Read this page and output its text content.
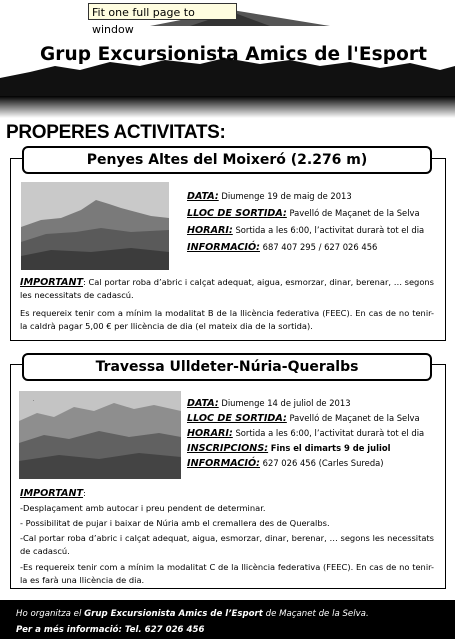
Fit one full page to window
Grup Excursionista Amics de l'Esport
PROPERES ACTIVITATS:
Penyes Altes del Moixeró (2.276 m)
DATA: Diumenge 19 de maig de 2013
LLOC DE SORTIDA: Pavelló de Maçanet de la Selva
HORARI: Sortida a les 6:00, l’activitat durarà tot el dia
INFORMACIÓ: 687 407 295 / 627 026 456
IMPORTANT: Cal portar roba d’abric i calçat adequat, aigua, esmorzar, dinar, berenar, … segons les necessitats de cadascú.
Es requereix tenir com a mínim la modalitat B de la llicència federativa (FEEC). En cas de no tenir-la caldrà pagar 5,00 € per llicència de dia (el mateix dia de la sortida).
Travessa Ulldeter-Núria-Queralbs
·	DATA: Diumenge 14 de juliol de 2013
LLOC DE SORTIDA: Pavelló de Maçanet de la Selva
HORARI: Sortida a les 6:00, l’activitat durarà tot el dia
INSCRIPCIONS: Fins el dimarts 9 de juliol
INFORMACIÓ: 627 026 456 (Carles Sureda)
IMPORTANT:
-Desplaçament amb autocar i preu pendent de determinar.
- Possibilitat de pujar i baixar de Núria amb el cremallera des de Queralbs.
-Cal portar roba d’abric i calçat adequat, aigua, esmorzar, dinar, berenar, … segons les necessitats de cadascú.
-Es requereix tenir com a mínim la modalitat C de la llicència federativa (FEEC). En cas de no tenir-la es farà una llicència de dia.
Ho organitza el Grup Excursionista Amics de l’Esport de Maçanet de la Selva.
Per a més informació: Tel. 627 026 456
